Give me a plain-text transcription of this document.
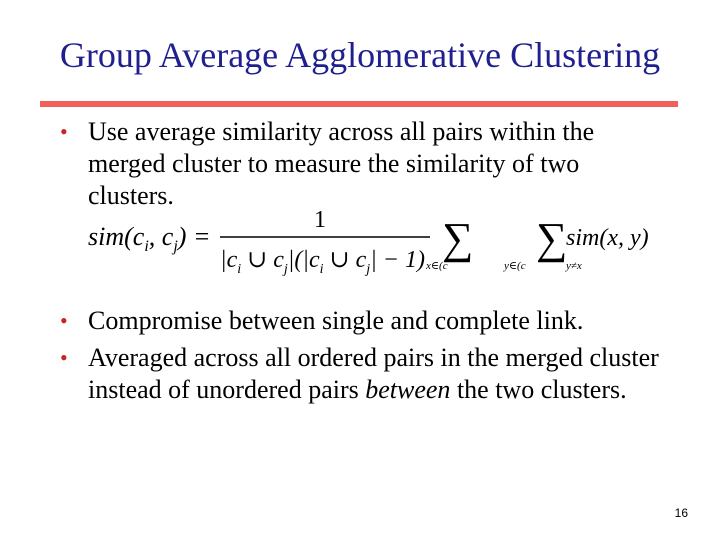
Group Average Agglomerative Clustering
• Use average similarity across all pairs within the merged cluster to measure the similarity of two clusters.
$sim(c_i$, $c_j$) =
1
$|c_i$ ∪ $c_j|(|c_i$ ∪ $c_j| - 1$) ∑
x∈(c
∑
y∈(c	y≠x
sim(x, y)
• Compromise between single and complete link.
• Averaged across all ordered pairs in the merged cluster instead of unordered pairs between the two clusters.
16
